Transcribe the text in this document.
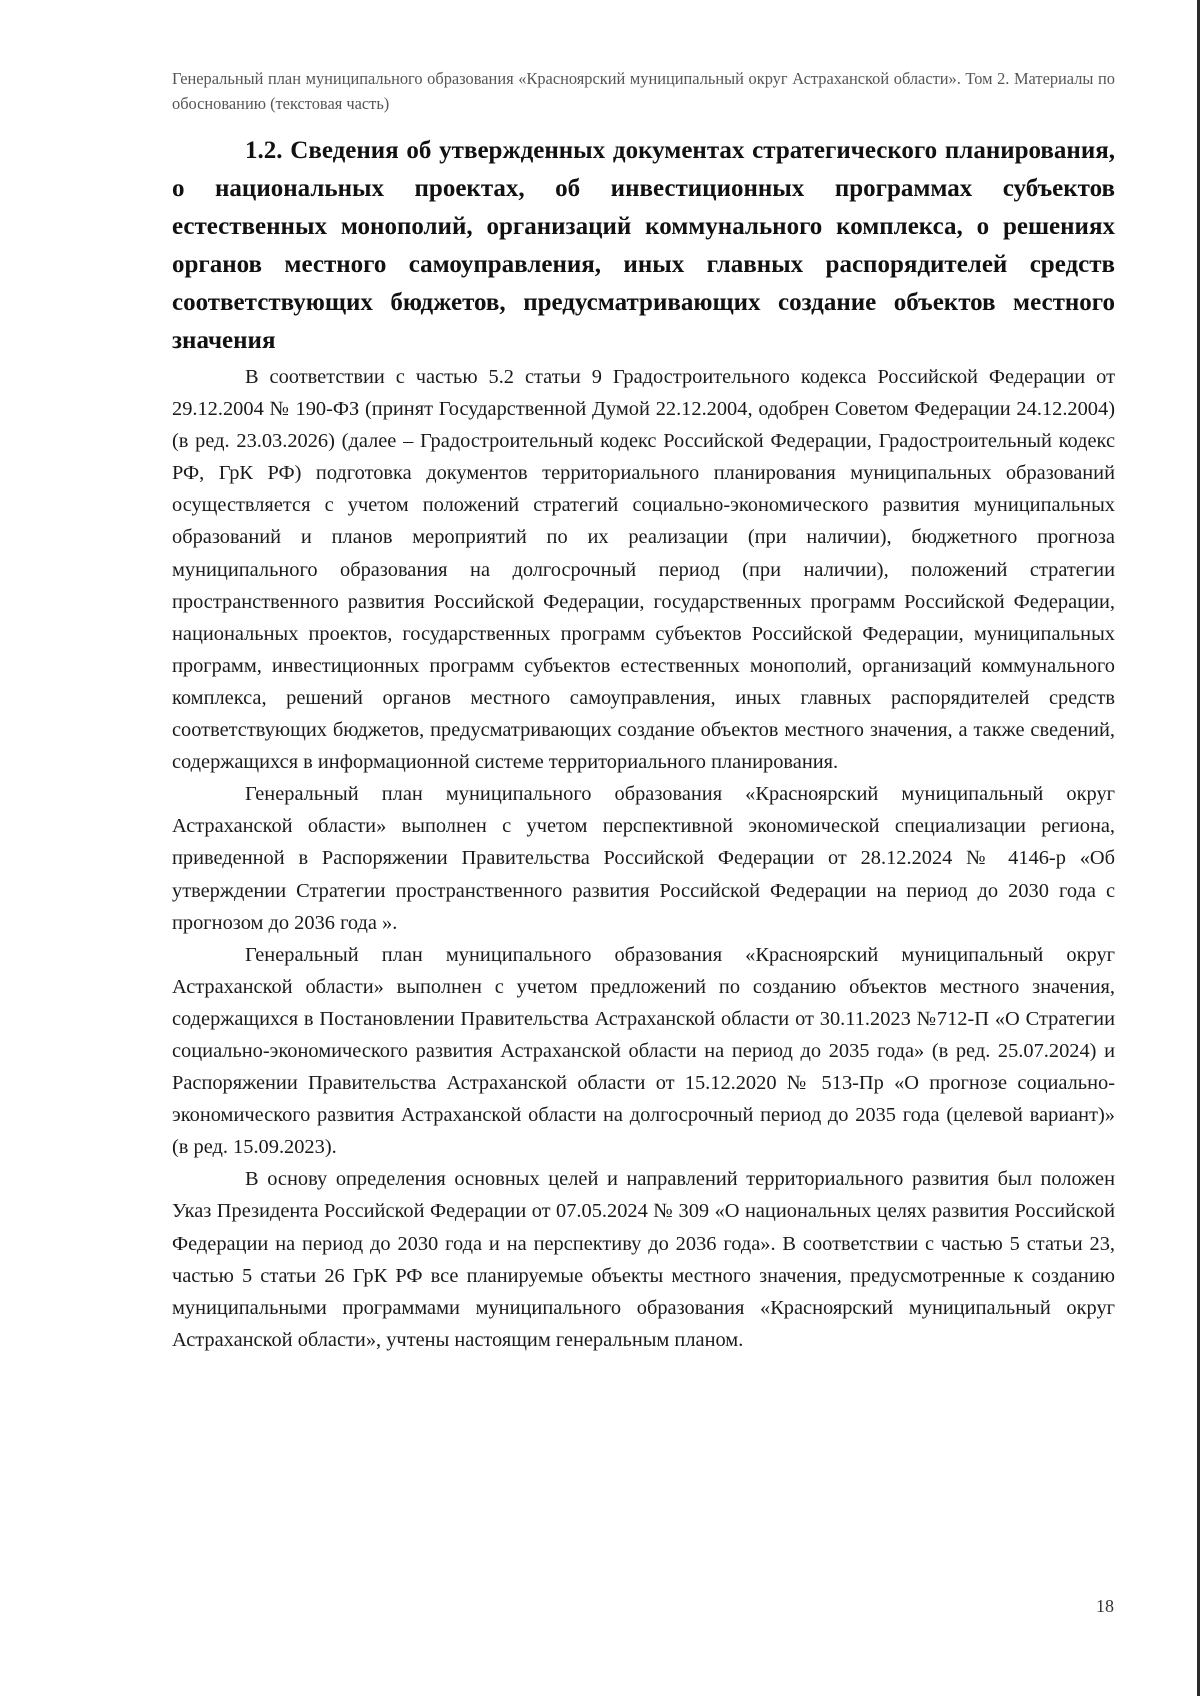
Генеральный план муниципального образования «Красноярский муниципальный округ Астраханской области». Том 2. Материалы по обоснованию (текстовая часть)
1.2. Сведения об утвержденных документах стратегического планирования, о национальных проектах, об инвестиционных программах субъектов естественных монополий, организаций коммунального комплекса, о решениях органов местного самоуправления, иных главных распорядителей средств соответствующих бюджетов, предусматривающих создание объектов местного значения

В соответствии с частью 5.2 статьи 9 Градостроительного кодекса Российской Федерации от 29.12.2004 № 190-ФЗ (принят Государственной Думой 22.12.2004, одобрен Советом Федерации 24.12.2004) (в ред. 23.03.2026) (далее – Градостроительный кодекс Российской Федерации, Градостроительный кодекс РФ, ГрК РФ) подготовка документов территориального планирования муниципальных образований осуществляется с учетом положений стратегий социально-экономического развития муниципальных образований и планов мероприятий по их реализации (при наличии), бюджетного прогноза муниципального образования на долгосрочный период (при наличии), положений стратегии пространственного развития Российской Федерации, государственных программ Российской Федерации, национальных проектов, государственных программ субъектов Российской Федерации, муниципальных программ, инвестиционных программ субъектов естественных монополий, организаций коммунального комплекса, решений органов местного самоуправления, иных главных распорядителей средств соответствующих бюджетов, предусматривающих создание объектов местного значения, а также сведений, содержащихся в информационной системе территориального планирования.

Генеральный план муниципального образования «Красноярский муниципальный округ Астраханской области» выполнен с учетом перспективной экономической специализации региона, приведенной в Распоряжении Правительства Российской Федерации от 28.12.2024 № 4146-р «Об утверждении Стратегии пространственного развития Российской Федерации на период до 2030 года с прогнозом до 2036 года ».

Генеральный план муниципального образования «Красноярский муниципальный округ Астраханской области» выполнен с учетом предложений по созданию объектов местного значения, содержащихся в Постановлении Правительства Астраханской области от 30.11.2023 №712-П «О Стратегии социально-экономического развития Астраханской области на период до 2035 года» (в ред. 25.07.2024) и Распоряжении Правительства Астраханской области от 15.12.2020 № 513-Пр «О прогнозе социально-экономического развития Астраханской области на долгосрочный период до 2035 года (целевой вариант)» (в ред. 15.09.2023).

В основу определения основных целей и направлений территориального развития был положен Указ Президента Российской Федерации от 07.05.2024 № 309 «О национальных целях развития Российской Федерации на период до 2030 года и на перспективу до 2036 года». В соответствии с частью 5 статьи 23, частью 5 статьи 26 ГрК РФ все планируемые объекты местного значения, предусмотренные к созданию муниципальными программами муниципального образования «Красноярский муниципальный округ Астраханской области», учтены настоящим генеральным планом.

18
